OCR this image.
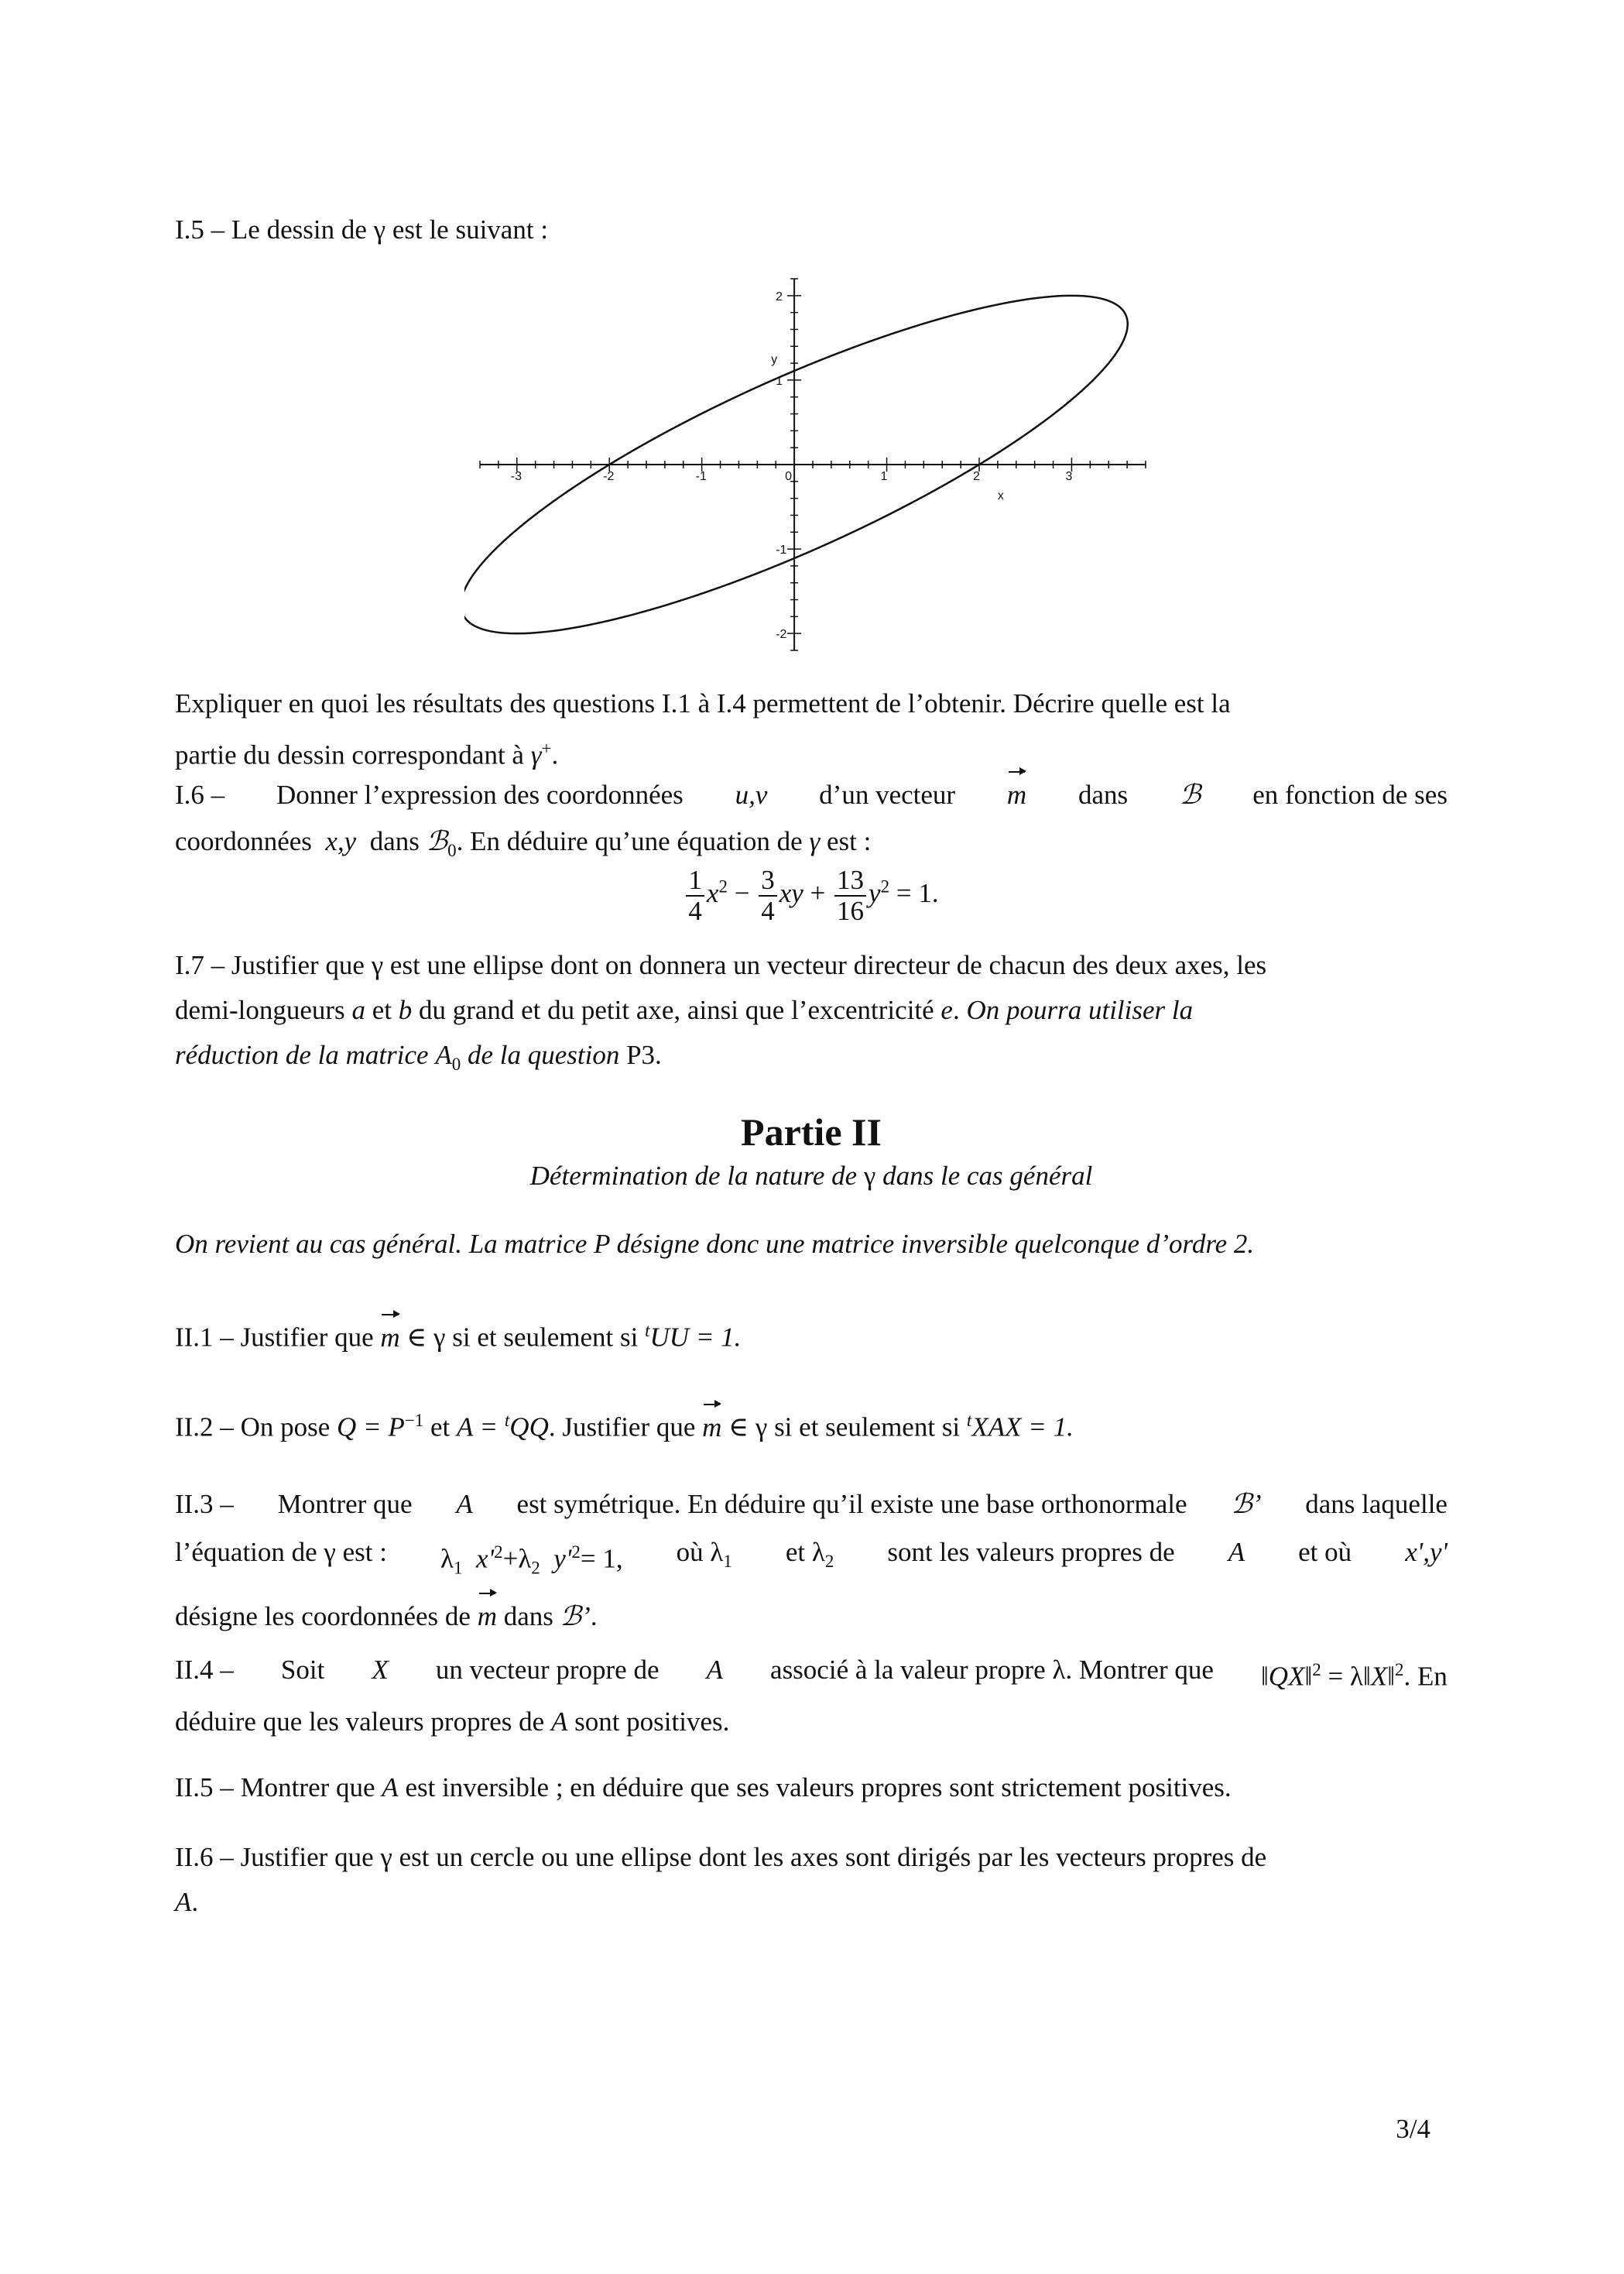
I.5 – Le dessin de γ est le suivant :
-3	-2	-1	0	1	2	3
-2
-1
1
2
x
y
Expliquer en quoi les résultats des questions I.1 à I.4 permettent de l’obtenir. Décrire quelle est la
partie du dessin correspondant à γ+.
I.6 – Donner l’expression des coordonnées u,v d’un vecteur m dans ℬ en fonction de ses
coordonnées x,y dans ℬ$_0$. En déduire qu’une équation de γ est :
$\frac{1}{4} x^2 - \frac{3}{4}$ xy + $\frac{13}{16} y^2 = 1$.
I.7 – Justifier que γ est une ellipse dont on donnera un vecteur directeur de chacun des deux axes, les
demi-longueurs a et b du grand et du petit axe, ainsi que l’excentricité e. On pourra utiliser la
réduction de la matrice $A_0$ de la question P3.
Partie II
Détermination de la nature de γ dans le cas général
On revient au cas général. La matrice P désigne donc une matrice inversible quelconque d’ordre 2.
II.1 – Justifier que m ∈ γ si et seulement si $^t$UU = 1.
II.2 – On pose $Q = P^{-1}$ et A = $^t$QQ. Justifier que m ∈ γ si et seulement si $^t$XAX = 1.
II.3 – Montrer que A est symétrique. En déduire qu’il existe une base orthonormale ℬ’ dans laquelle
l’équation de γ est : $\lambda_1$ $x'^2+\lambda_2$ $y'^2= 1$, où $\lambda_1$ et $\lambda_2$ sont les valeurs propres de A et où x',y'
désigne les coordonnées de m dans ℬ’.
II.4 – Soit X un vecteur propre de A associé à la valeur propre λ. Montrer que ‖QX‖$^2$ = λ‖X‖$^2$. En
déduire que les valeurs propres de A sont positives.
II.5 – Montrer que A est inversible ; en déduire que ses valeurs propres sont strictement positives.
II.6 – Justifier que γ est un cercle ou une ellipse dont les axes sont dirigés par les vecteurs propres de
A.
3/4
